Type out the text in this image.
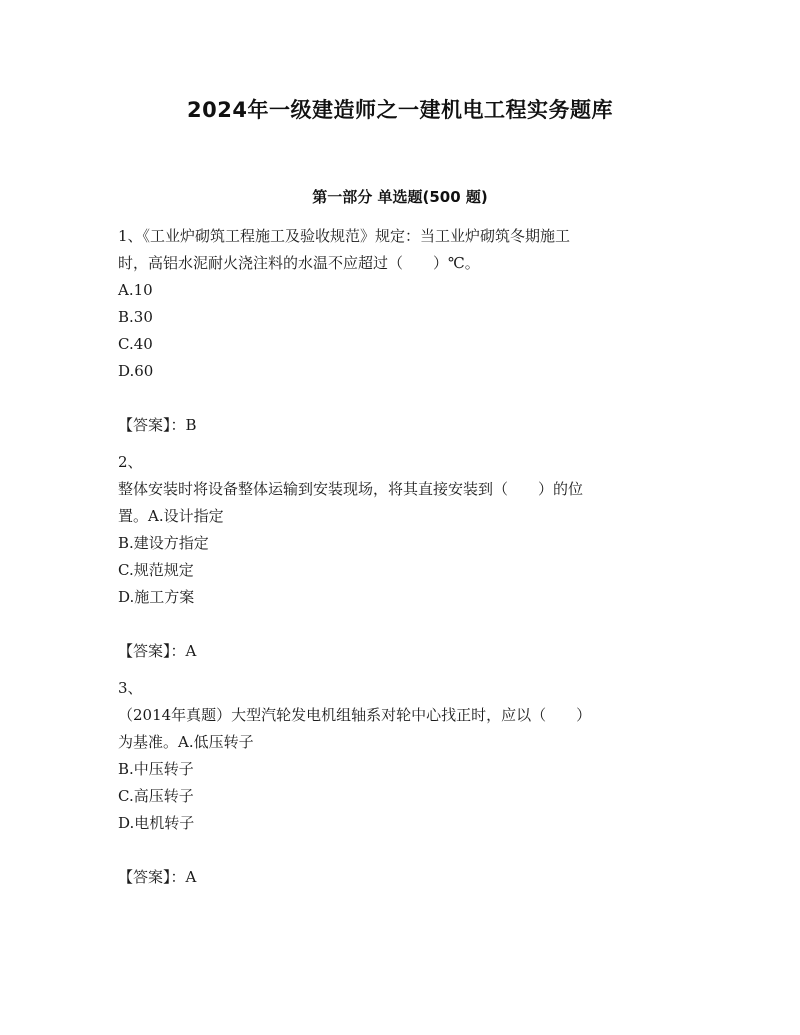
2024年一级建造师之一建机电工程实务题库
第一部分 单选题(500 题)
1、《工业炉砌筑工程施工及验收规范》规定：当工业炉砌筑冬期施工
时，高铝水泥耐火浇注料的水温不应超过（　　）℃。
A.10
B.30
C.40
D.60
【答案】：B
2、
整体安装时将设备整体运输到安装现场，将其直接安装到（　　）的位
置。A.设计指定
B.建设方指定
C.规范规定
D.施工方案
【答案】：A
3、
（2014年真题）大型汽轮发电机组轴系对轮中心找正时，应以（　　）
为基准。A.低压转子
B.中压转子
C.高压转子
D.电机转子
【答案】：A
